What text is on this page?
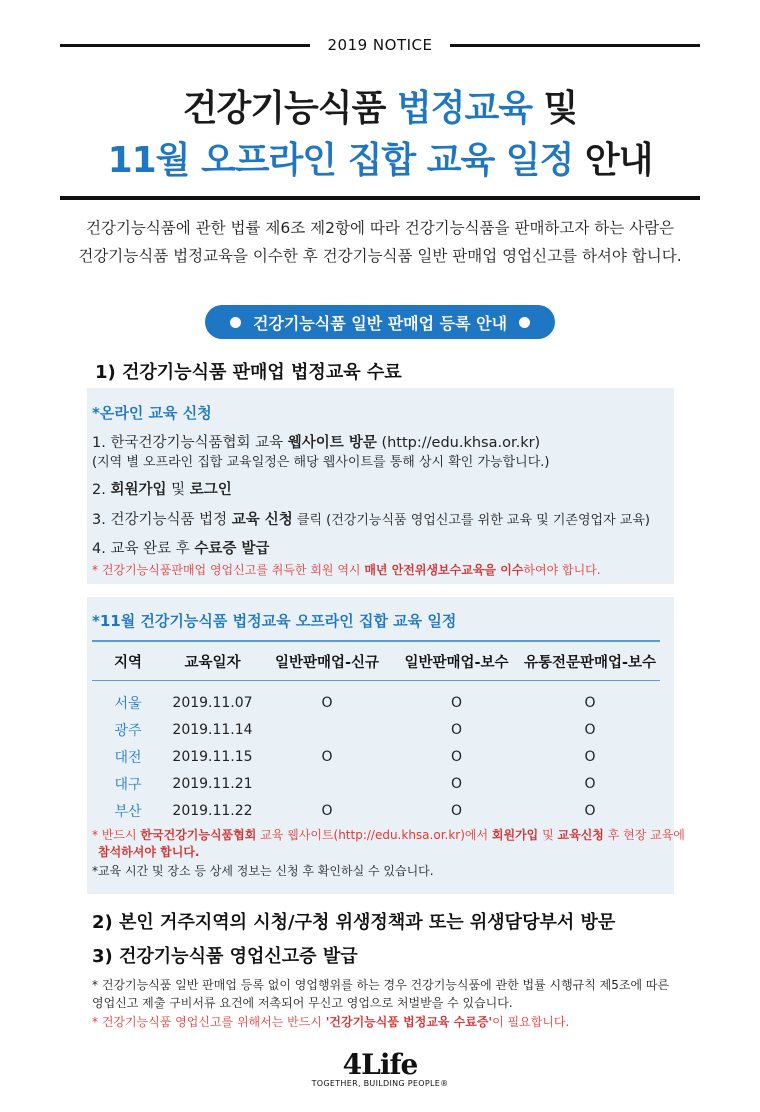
2019 NOTICE
건강기능식품 법정교육 및
11월 오프라인 집합 교육 일정 안내
건강기능식품에 관한 법률 제6조 제2항에 따라 건강기능식품을 판매하고자 하는 사람은
건강기능식품 법정교육을 이수한 후 건강기능식품 일반 판매업 영업신고를 하셔야 합니다.
건강기능식품 일반 판매업 등록 안내
1) 건강기능식품 판매업 법정교육 수료
*온라인 교육 신청
1. 한국건강기능식품협회 교육 웹사이트 방문 (http://edu.khsa.or.kr)
(지역 별 오프라인 집합 교육일정은 해당 웹사이트를 통해 상시 확인 가능합니다.)
2. 회원가입 및 로그인
3. 건강기능식품 법정 교육 신청 클릭 (건강기능식품 영업신고를 위한 교육 및 기존영업자 교육)
4. 교육 완료 후 수료증 발급
* 건강기능식품판매업 영업신고를 취득한 회원 역시 매년 안전위생보수교육을 이수하여야 합니다.
*11월 건강기능식품 법정교육 오프라인 집합 교육 일정
지역	교육일자	일반판매업-신규	일반판매업-보수	유통전문판매업-보수

서울	2019.11.07	O	O	O
광주	2019.11.14		O	O
대전	2019.11.15	O	O	O
대구	2019.11.21		O	O
부산	2019.11.22	O	O	O
* 반드시 한국건강기능식품협회 교육 웹사이트(http://edu.khsa.or.kr)에서 회원가입 및 교육신청 후 현장 교육에
참석하셔야 합니다.
*교육 시간 및 장소 등 상세 정보는 신청 후 확인하실 수 있습니다.
2) 본인 거주지역의 시청/구청 위생정책과 또는 위생담당부서 방문
3) 건강기능식품 영업신고증 발급
* 건강기능식품 일반 판매업 등록 없이 영업행위를 하는 경우 건강기능식품에 관한 법률 시행규칙 제5조에 따른
영업신고 제출 구비서류 요건에 저촉되어 무신고 영업으로 처벌받을 수 있습니다.
* 건강기능식품 영업신고를 위해서는 반드시 '건강기능식품 법정교육 수료증'이 필요합니다.
4Life
TOGETHER, BUILDING PEOPLE®
